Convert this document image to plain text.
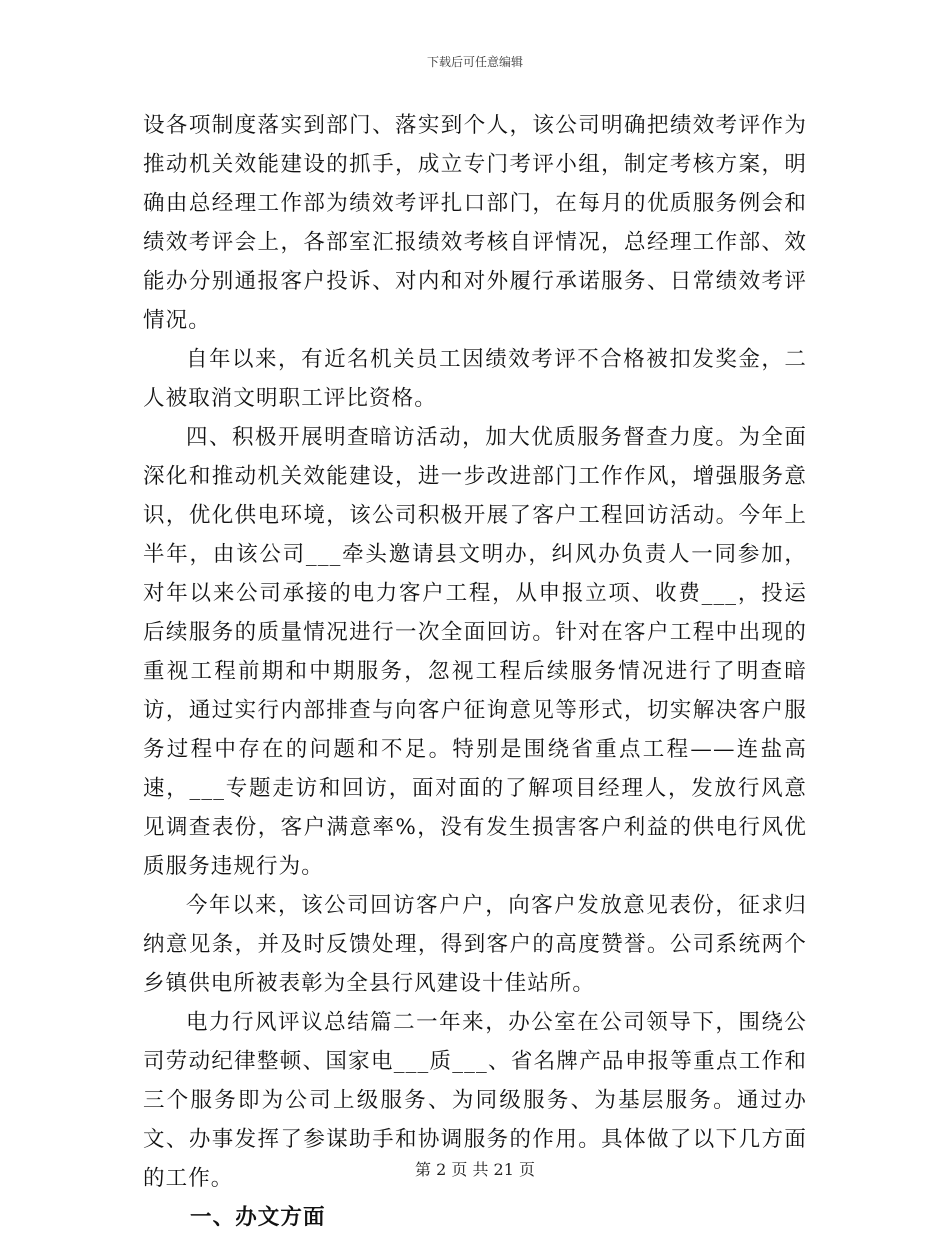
下载后可任意编辑

设各项制度落实到部门、落实到个人，该公司明确把绩效考评作为推动机关效能建设的抓手，成立专门考评小组，制定考核方案，明确由总经理工作部为绩效考评扎口部门，在每月的优质服务例会和绩效考评会上，各部室汇报绩效考核自评情况，总经理工作部、效能办分别通报客户投诉、对内和对外履行承诺服务、日常绩效考评情况。

自年以来，有近名机关员工因绩效考评不合格被扣发奖金，二人被取消文明职工评比资格。

四、积极开展明查暗访活动，加大优质服务督查力度。为全面深化和推动机关效能建设，进一步改进部门工作作风，增强服务意识，优化供电环境，该公司积极开展了客户工程回访活动。今年上半年，由该公司___牵头邀请县文明办，纠风办负责人一同参加，对年以来公司承接的电力客户工程，从申报立项、收费___，投运后续服务的质量情况进行一次全面回访。针对在客户工程中出现的重视工程前期和中期服务，忽视工程后续服务情况进行了明查暗访，通过实行内部排查与向客户征询意见等形式，切实解决客户服务过程中存在的问题和不足。特别是围绕省重点工程——连盐高速，___专题走访和回访，面对面的了解项目经理人，发放行风意见调查表份，客户满意率%，没有发生损害客户利益的供电行风优质服务违规行为。

今年以来，该公司回访客户户，向客户发放意见表份，征求归纳意见条，并及时反馈处理，得到客户的高度赞誉。公司系统两个乡镇供电所被表彰为全县行风建设十佳站所。

电力行风评议总结篇二一年来，办公室在公司领导下，围绕公司劳动纪律整顿、国家电___质___、省名牌产品申报等重点工作和三个服务即为公司上级服务、为同级服务、为基层服务。通过办文、办事发挥了参谋助手和协调服务的作用。具体做了以下几方面的工作。

一、办文方面
第 2 页 共 21 页
